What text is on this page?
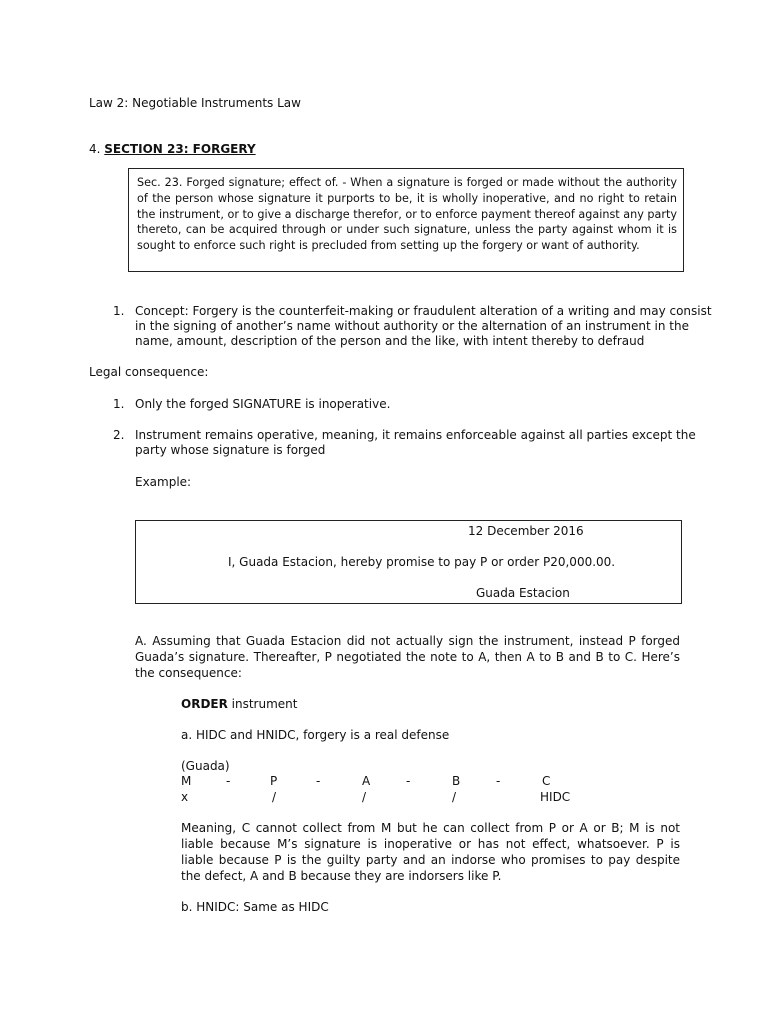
Law 2: Negotiable Instruments Law
4. SECTION 23: FORGERY
Sec. 23. Forged signature; effect of. - When a signature is forged or made without the authority of the person whose signature it purports to be, it is wholly inoperative, and no right to retain the instrument, or to give a discharge therefor, or to enforce payment thereof against any party thereto, can be acquired through or under such signature, unless the party against whom it is sought to enforce such right is precluded from setting up the forgery or want of authority.
1. Concept: Forgery is the counterfeit-making or fraudulent alteration of a writing and may consist
in the signing of another’s name without authority or the alternation of an instrument in the
name, amount, description of the person and the like, with intent thereby to defraud
Legal consequence:
1. Only the forged SIGNATURE is inoperative.
2. Instrument remains operative, meaning, it remains enforceable against all parties except the
party whose signature is forged
Example:
12 December 2016
I, Guada Estacion, hereby promise to pay P or order P20,000.00.
Guada Estacion
A. Assuming that Guada Estacion did not actually sign the instrument, instead P forged Guada’s signature. Thereafter, P negotiated the note to A, then A to B and B to C. Here’s the consequence:
ORDER instrument
a. HIDC and HNIDC, forgery is a real defense
(Guada)
M	-	P	-	A	-	B	-	C
x	/	/	/	HIDC
Meaning, C cannot collect from M but he can collect from P or A or B; M is not liable because M’s signature is inoperative or has not effect, whatsoever. P is liable because P is the guilty party and an indorse who promises to pay despite the defect, A and B because they are indorsers like P.
b. HNIDC: Same as HIDC
